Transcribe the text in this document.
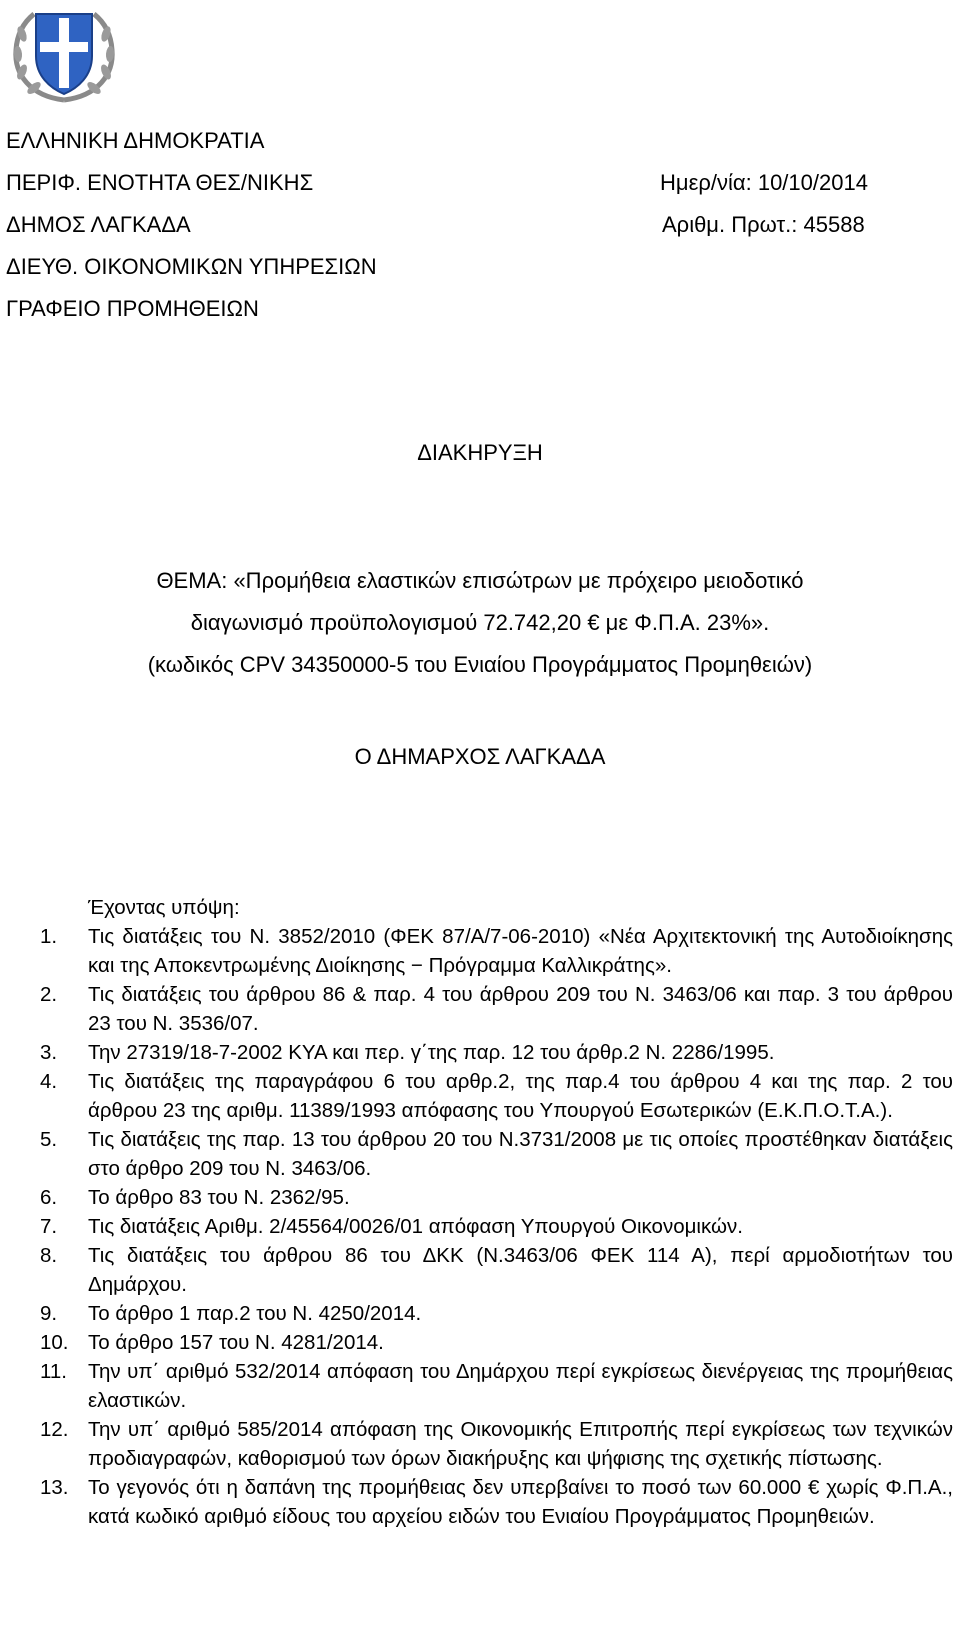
ΕΛΛΗΝΙΚΗ ΔΗΜΟΚΡΑΤΙΑ
ΠΕΡΙΦ. ΕΝΟΤΗΤΑ ΘΕΣ/ΝΙΚΗΣ
ΔΗΜΟΣ ΛΑΓΚΑΔΑ
ΔΙΕΥΘ. ΟΙΚΟΝΟΜΙΚΩΝ ΥΠΗΡΕΣΙΩΝ
ΓΡΑΦΕΙΟ ΠΡΟΜΗΘΕΙΩΝ
Ημερ/νία: 10/10/2014
Αριθμ. Πρωτ.: 45588
ΔΙΑΚΗΡΥΞΗ
ΘΕΜΑ: «Προμήθεια ελαστικών επισώτρων με πρόχειρο μειοδοτικό
διαγωνισμό προϋπολογισμού 72.742,20 € με Φ.Π.Α. 23%».
(κωδικός CPV 34350000-5 του Ενιαίου Προγράμματος Προμηθειών)
Ο ΔΗΜΑΡΧΟΣ ΛΑΓΚΑΔΑ
Έχοντας υπόψη:
1. Τις διατάξεις του Ν. 3852/2010 (ΦΕΚ 87/Α/7-06-2010) «Νέα Αρχιτεκτονική της Αυτοδιοίκησης και της Αποκεντρωμένης Διοίκησης − Πρόγραμμα Καλλικράτης».
2. Τις διατάξεις του άρθρου 86 & παρ. 4 του άρθρου 209 του Ν. 3463/06 και παρ. 3 του άρθρου 23 του Ν. 3536/07.
3. Την 27319/18-7-2002 ΚΥΑ και περ. γ΄της παρ. 12 του άρθρ.2 Ν. 2286/1995.
4. Τις διατάξεις της παραγράφου 6 του αρθρ.2, της παρ.4 του άρθρου 4 και της παρ. 2 του άρθρου 23 της αριθμ. 11389/1993 απόφασης του Υπουργού Εσωτερικών (Ε.Κ.Π.Ο.Τ.Α.).
5. Τις διατάξεις της παρ. 13 του άρθρου 20 του Ν.3731/2008 με τις οποίες προστέθηκαν διατάξεις στο άρθρο 209 του Ν. 3463/06.
6. Το άρθρο 83 του Ν. 2362/95.
7. Τις διατάξεις Αριθμ. 2/45564/0026/01 απόφαση Υπουργού Οικονομικών.
8. Τις διατάξεις του άρθρου 86 του ΔΚΚ (Ν.3463/06 ΦΕΚ 114 Α), περί αρμοδιοτήτων του Δημάρχου.
9. Το άρθρο 1 παρ.2 του Ν. 4250/2014.
10. Το άρθρο 157 του Ν. 4281/2014.
11. Την υπ΄ αριθμό 532/2014 απόφαση του Δημάρχου περί εγκρίσεως διενέργειας της προμήθειας ελαστικών.
12. Την υπ΄ αριθμό 585/2014 απόφαση της Οικονομικής Επιτροπής περί εγκρίσεως των τεχνικών προδιαγραφών, καθορισμού των όρων διακήρυξης και ψήφισης της σχετικής πίστωσης.
13. Το γεγονός ότι η δαπάνη της προμήθειας δεν υπερβαίνει το ποσό των 60.000 € χωρίς Φ.Π.Α., κατά κωδικό αριθμό είδους του αρχείου ειδών του Ενιαίου Προγράμματος Προμηθειών.
